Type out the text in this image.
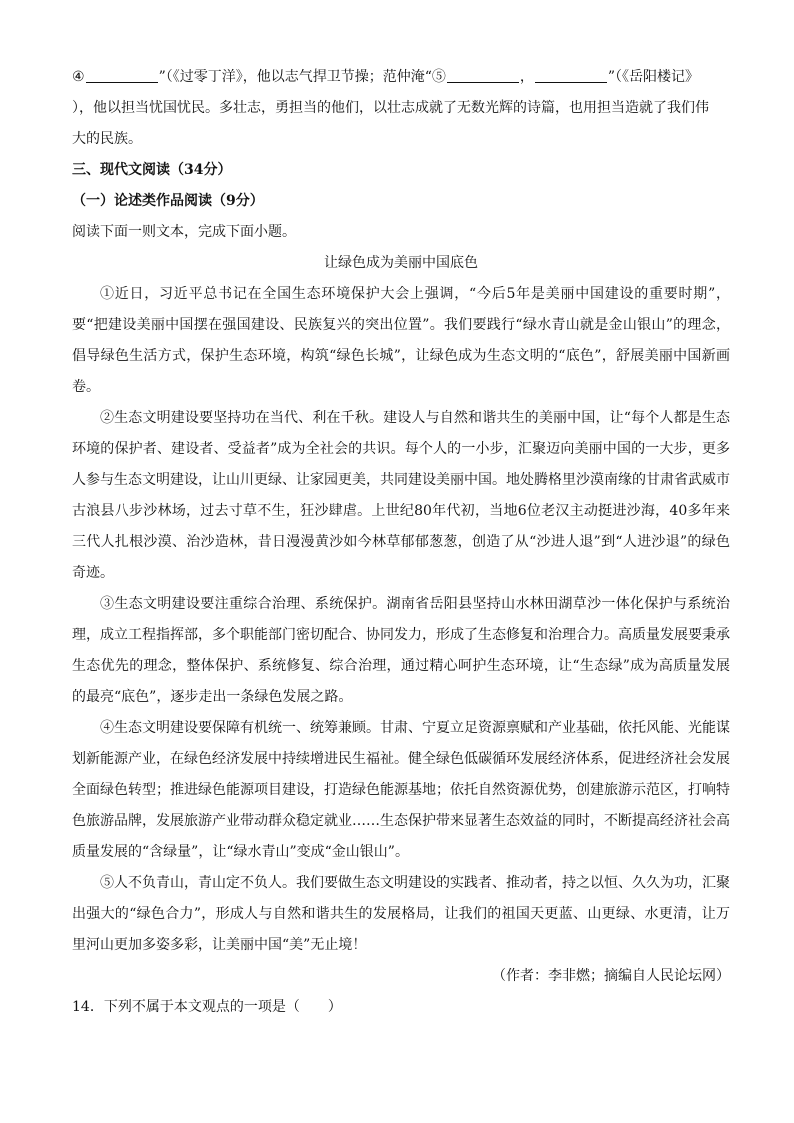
④	”（《过零丁洋》，他以志气捍卫节操；范仲淹“⑤	，	”（《岳阳楼记》

），他以担当忧国忧民。多壮志，勇担当的他们，以壮志成就了无数光辉的诗篇，也用担当造就了我们伟

大的民族。

三、现代文阅读（34分）

（一）论述类作品阅读（9分）

阅读下面一则文本，完成下面小题。

让绿色成为美丽中国底色

①近日，习近平总书记在全国生态环境保护大会上强调，“今后5年是美丽中国建设的重要时期”，要“把建设美丽中国摆在强国建设、民族复兴的突出位置”。我们要践行“绿水青山就是金山银山”的理念，倡导绿色生活方式，保护生态环境，构筑“绿色长城”，让绿色成为生态文明的“底色”，舒展美丽中国新画卷。

②生态文明建设要坚持功在当代、利在千秋。建设人与自然和谐共生的美丽中国，让“每个人都是生态环境的保护者、建设者、受益者”成为全社会的共识。每个人的一小步，汇聚迈向美丽中国的一大步，更多人参与生态文明建设，让山川更绿、让家园更美，共同建设美丽中国。地处腾格里沙漠南缘的甘肃省武威市古浪县八步沙林场，过去寸草不生，狂沙肆虐。上世纪80年代初，当地6位老汉主动挺进沙海，40多年来三代人扎根沙漠、治沙造林，昔日漫漫黄沙如今林草郁郁葱葱，创造了从“沙进人退”到“人进沙退”的绿色奇迹。

③生态文明建设要注重综合治理、系统保护。湖南省岳阳县坚持山水林田湖草沙一体化保护与系统治理，成立工程指挥部，多个职能部门密切配合、协同发力，形成了生态修复和治理合力。高质量发展要秉承生态优先的理念，整体保护、系统修复、综合治理，通过精心呵护生态环境，让“生态绿”成为高质量发展的最亮“底色”，逐步走出一条绿色发展之路。

④生态文明建设要保障有机统一、统筹兼顾。甘肃、宁夏立足资源禀赋和产业基础，依托风能、光能谋划新能源产业，在绿色经济发展中持续增进民生福祉。健全绿色低碳循环发展经济体系，促进经济社会发展全面绿色转型；推进绿色能源项目建设，打造绿色能源基地；依托自然资源优势，创建旅游示范区，打响特色旅游品牌，发展旅游产业带动群众稳定就业……生态保护带来显著生态效益的同时，不断提高经济社会高质量发展的“含绿量”，让“绿水青山”变成“金山银山”。

⑤人不负青山，青山定不负人。我们要做生态文明建设的实践者、推动者，持之以恒、久久为功，汇聚出强大的“绿色合力”，形成人与自然和谐共生的发展格局，让我们的祖国天更蓝、山更绿、水更清，让万里河山更加多姿多彩，让美丽中国“美”无止境！

（作者：李非燃；摘编自人民论坛网）

14．下列不属于本文观点的一项是（　　）
